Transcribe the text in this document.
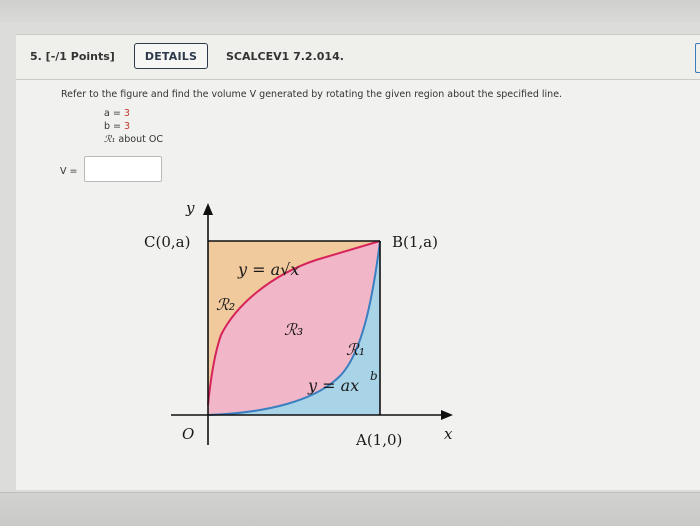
5. [-/1 Points]	DETAILS	SCALCEV1 7.2.014.
Refer to the figure and find the volume V generated by rotating the given region about the specified line.
a = 3
b = 3
ℛ₁ about OC
V =
y
x
O
C(0,a)	B(1,a)
A(1,0)
y = a√x
y = ax b
ℛ₂
ℛ₃
ℛ₁
